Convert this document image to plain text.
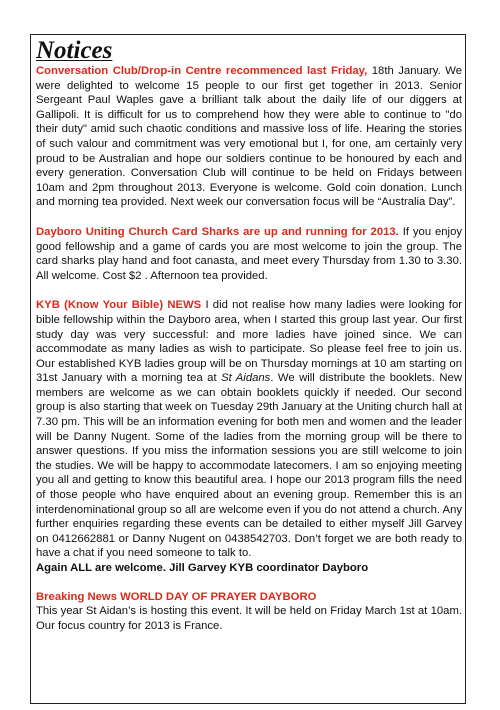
Notices

Conversation Club/Drop-in Centre recommenced last Friday, 18th January. We were delighted to welcome 15 people to our first get together in 2013. Senior Sergeant Paul Waples gave a brilliant talk about the daily life of our diggers at Gallipoli. It is difficult for us to comprehend how they were able to continue to "do their duty" amid such chaotic conditions and massive loss of life. Hearing the stories of such valour and commitment was very emotional but I, for one, am certainly very proud to be Australian and hope our soldiers continue to be honoured by each and every generation. Conversation Club will continue to be held on Fridays between 10am and 2pm throughout 2013. Everyone is welcome. Gold coin donation. Lunch and morning tea provided. Next week our conversation focus will be “Australia Day”.

Dayboro Uniting Church Card Sharks are up and running for 2013. If you enjoy good fellowship and a game of cards you are most welcome to join the group. The card sharks play hand and foot canasta, and meet every Thursday from 1.30 to 3.30. All welcome. Cost $2 . Afternoon tea provided.

KYB (Know Your Bible) NEWS I did not realise how many ladies were looking for bible fellowship within the Dayboro area, when I started this group last year. Our first study day was very successful: and more ladies have joined since. We can accommodate as many ladies as wish to participate. So please feel free to join us. Our established KYB ladies group will be on Thursday mornings at 10 am starting on 31st January with a morning tea at St Aidans. We will distribute the booklets. New members are welcome as we can obtain booklets quickly if needed. Our second group is also starting that week on Tuesday 29th January at the Uniting church hall at 7.30 pm. This will be an information evening for both men and women and the leader will be Danny Nugent. Some of the ladies from the morning group will be there to answer questions. If you miss the information sessions you are still welcome to join the studies. We will be happy to accommodate latecomers. I am so enjoying meeting you all and getting to know this beautiful area. I hope our 2013 program fills the need of those people who have enquired about an evening group. Remember this is an interdenominational group so all are welcome even if you do not attend a church. Any further enquiries regarding these events can be detailed to either myself Jill Garvey on 0412662881 or Danny Nugent on 0438542703. Don’t forget we are both ready to have a chat if you need someone to talk to.
Again ALL are welcome. Jill Garvey KYB coordinator Dayboro

Breaking News WORLD DAY OF PRAYER DAYBORO
This year St Aidan’s is hosting this event. It will be held on Friday March 1st at 10am. Our focus country for 2013 is France.
